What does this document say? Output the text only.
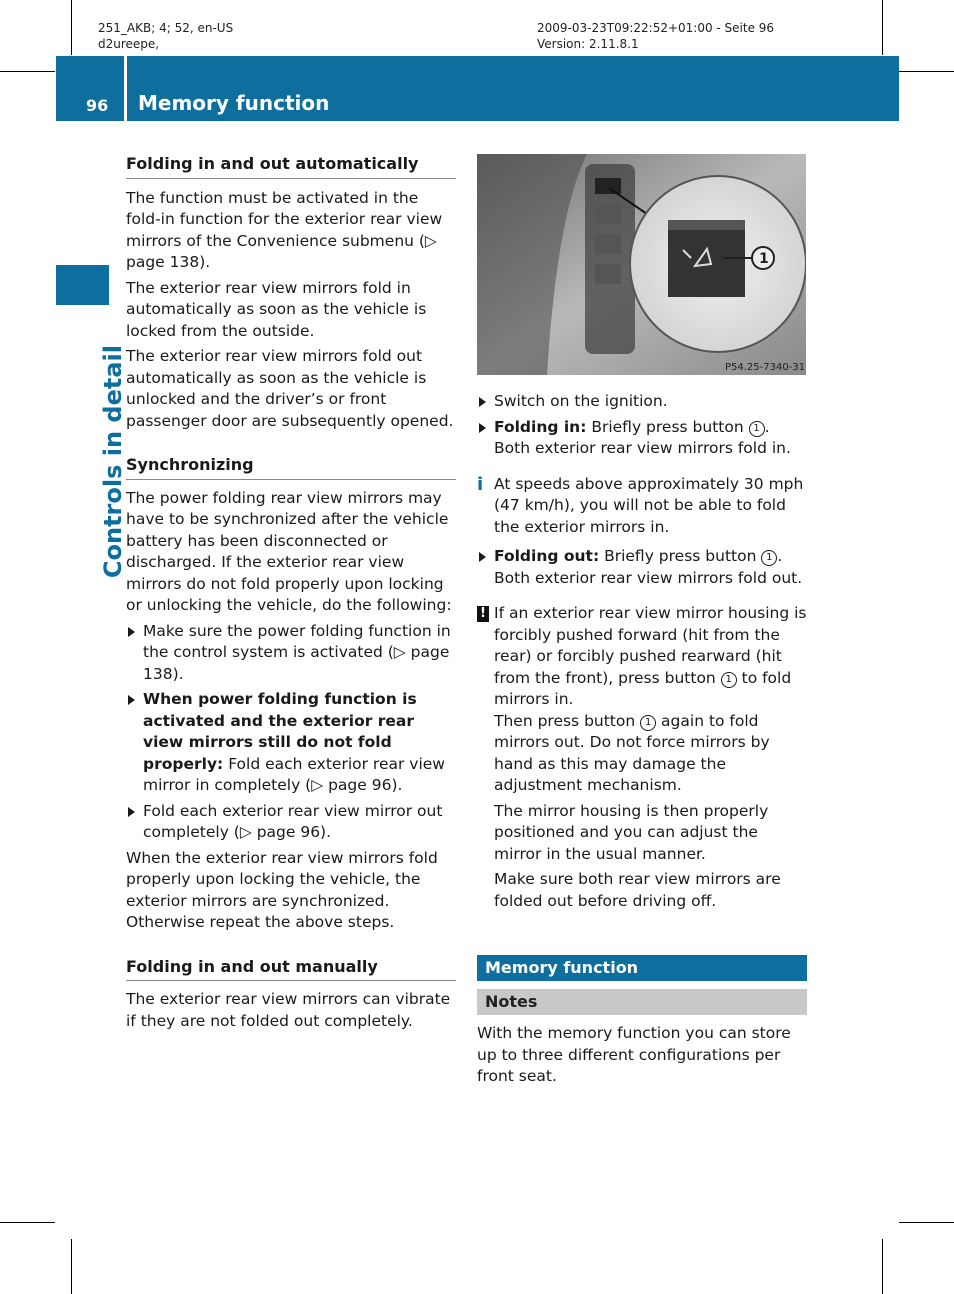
251_AKB; 4; 52, en-US
d2ureepe,
2009-03-23T09:22:52+01:00 - Seite 96
Version: 2.11.8.1
96 Memory function
Controls in detail
Folding in and out automatically

The function must be activated in the fold-in function for the exterior rear view mirrors of the Convenience submenu (▷ page 138).

The exterior rear view mirrors fold in automatically as soon as the vehicle is locked from the outside.

The exterior rear view mirrors fold out automatically as soon as the vehicle is unlocked and the driver’s or front passenger door are subsequently opened.

Synchronizing

The power folding rear view mirrors may have to be synchronized after the vehicle battery has been disconnected or discharged. If the exterior rear view mirrors do not fold properly upon locking or unlocking the vehicle, do the following:

Make sure the power folding function in the control system is activated (▷ page 138).
When power folding function is activated and the exterior rear view mirrors still do not fold properly: Fold each exterior rear view mirror in completely (▷ page 96).
Fold each exterior rear view mirror out completely (▷ page 96).

When the exterior rear view mirrors fold properly upon locking the vehicle, the exterior mirrors are synchronized. Otherwise repeat the above steps.

Folding in and out manually

The exterior rear view mirrors can vibrate if they are not folded out completely.

1
P54.25-7340-31
Switch on the ignition.
Folding in: Briefly press button 1 .
Both exterior rear view mirrors fold in.
i At speeds above approximately 30 mph (47 km/h), you will not be able to fold the exterior mirrors in.
Folding out: Briefly press button 1 .
Both exterior rear view mirrors fold out.
! If an exterior rear view mirror housing is forcibly pushed forward (hit from the rear) or forcibly pushed rearward (hit from the front), press button 1 to fold mirrors in.
Then press button 1 again to fold mirrors out. Do not force mirrors by hand as this may damage the adjustment mechanism.

The mirror housing is then properly positioned and you can adjust the mirror in the usual manner.

Make sure both rear view mirrors are folded out before driving off.

Memory function
Notes

With the memory function you can store up to three different configurations per front seat.
